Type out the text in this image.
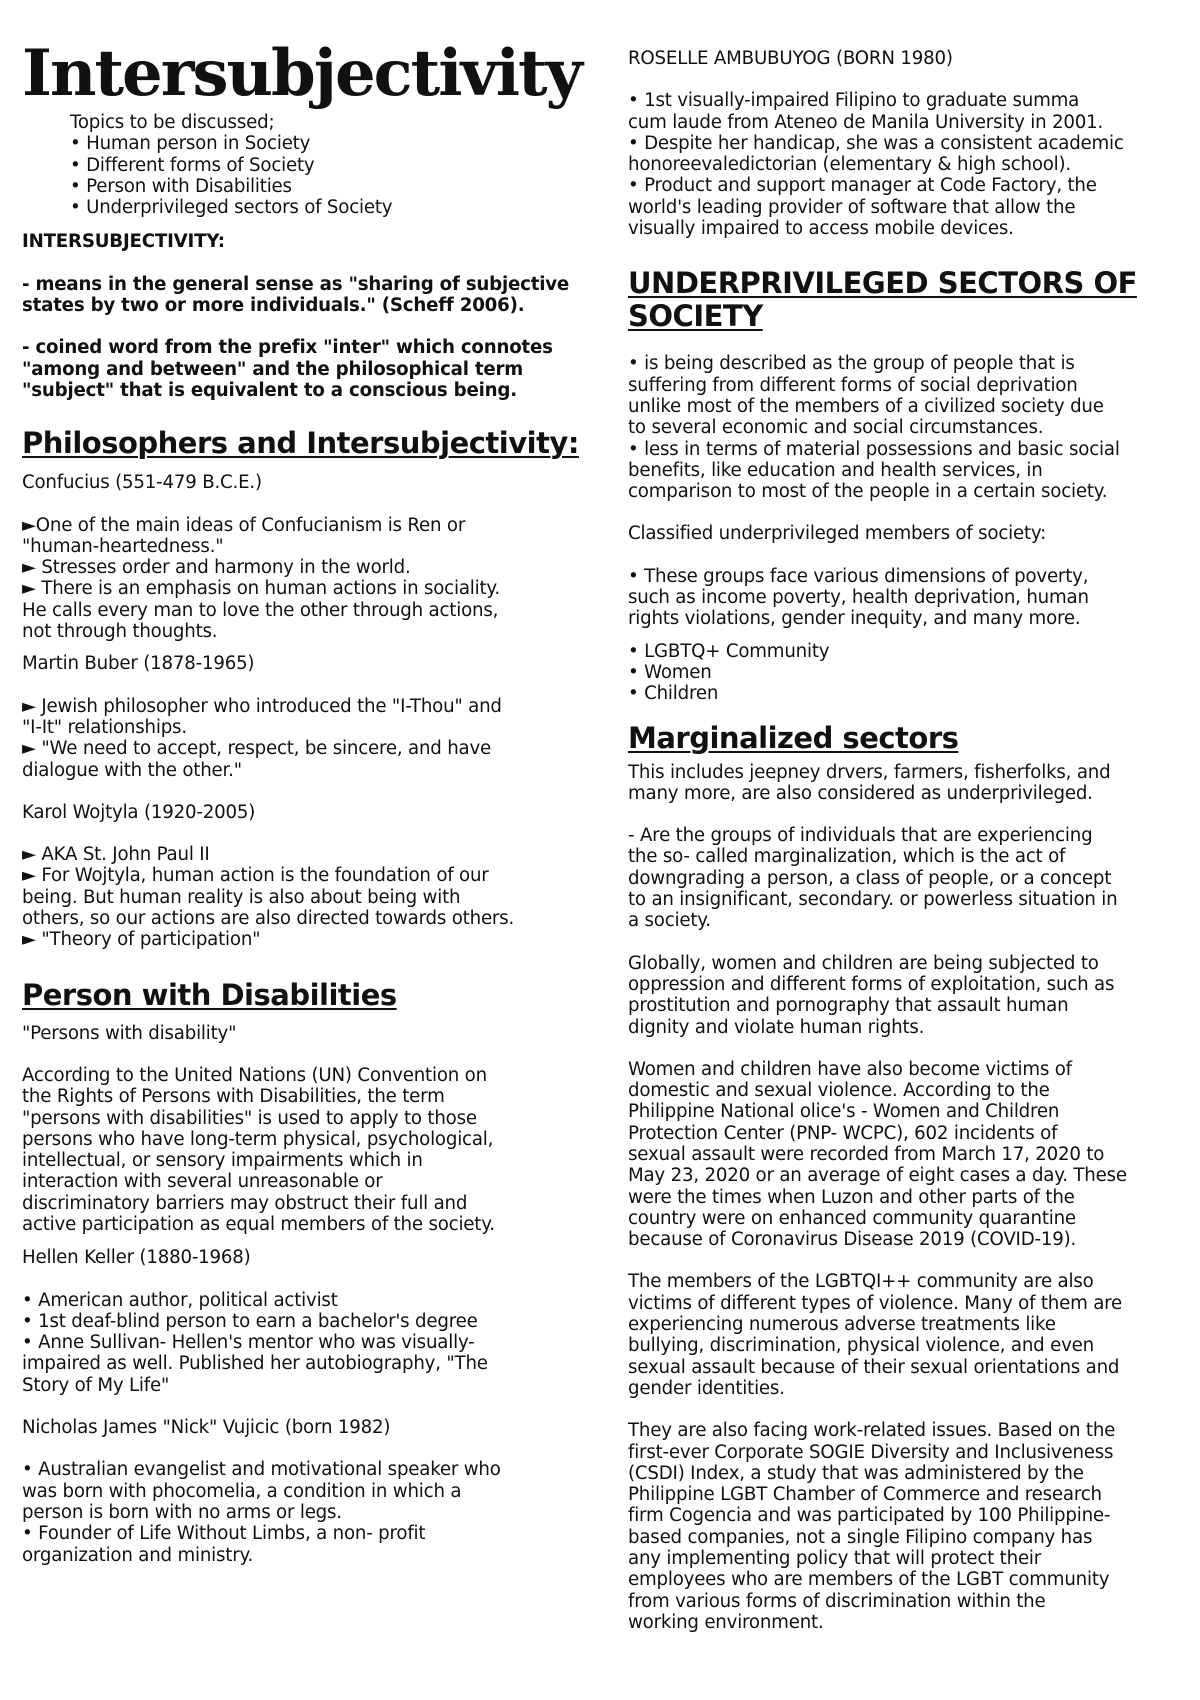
Intersubjectivity
Topics to be discussed;
• Human person in Society
• Different forms of Society
• Person with Disabilities
• Underprivileged sectors of Society
INTERSUBJECTIVITY:
- means in the general sense as "sharing of subjective
states by two or more individuals." (Scheff 2006).
- coined word from the prefix "inter" which connotes
"among and between" and the philosophical term
"subject" that is equivalent to a conscious being.
Philosophers and Intersubjectivity:
Confucius (551-479 B.C.E.)
►One of the main ideas of Confucianism is Ren or
"human-heartedness."
► Stresses order and harmony in the world.
► There is an emphasis on human actions in sociality.
He calls every man to love the other through actions,
not through thoughts.
Martin Buber (1878-1965)
► Jewish philosopher who introduced the "I-Thou" and
"I-It" relationships.
► "We need to accept, respect, be sincere, and have
dialogue with the other."
Karol Wojtyla (1920-2005)
► AKA St. John Paul II
► For Wojtyla, human action is the foundation of our
being. But human reality is also about being with
others, so our actions are also directed towards others.
► "Theory of participation"
Person with Disabilities
"Persons with disability"
According to the United Nations (UN) Convention on
the Rights of Persons with Disabilities, the term
"persons with disabilities" is used to apply to those
persons who have long-term physical, psychological,
intellectual, or sensory impairments which in
interaction with several unreasonable or
discriminatory barriers may obstruct their full and
active participation as equal members of the society.
Hellen Keller (1880-1968)
• American author, political activist
• 1st deaf-blind person to earn a bachelor's degree
• Anne Sullivan- Hellen's mentor who was visually-
impaired as well. Published her autobiography, "The
Story of My Life"
Nicholas James "Nick" Vujicic (born 1982)
• Australian evangelist and motivational speaker who
was born with phocomelia, a condition in which a
person is born with no arms or legs.
• Founder of Life Without Limbs, a non- profit
organization and ministry.
ROSELLE AMBUBUYOG (BORN 1980)
• 1st visually-impaired Filipino to graduate summa
cum laude from Ateneo de Manila University in 2001.
• Despite her handicap, she was a consistent academic
honoreevaledictorian (elementary & high school).
• Product and support manager at Code Factory, the
world's leading provider of software that allow the
visually impaired to access mobile devices.
UNDERPRIVILEGED SECTORS OF
SOCIETY
• is being described as the group of people that is
suffering from different forms of social deprivation
unlike most of the members of a civilized society due
to several economic and social circumstances.
• less in terms of material possessions and basic social
benefits, like education and health services, in
comparison to most of the people in a certain society.
Classified underprivileged members of society:
• These groups face various dimensions of poverty,
such as income poverty, health deprivation, human
rights violations, gender inequity, and many more.
• LGBTQ+ Community
• Women
• Children
Marginalized sectors
This includes jeepney drvers, farmers, fisherfolks, and
many more, are also considered as underprivileged.
- Are the groups of individuals that are experiencing
the so- called marginalization, which is the act of
downgrading a person, a class of people, or a concept
to an insignificant, secondary. or powerless situation in
a society.
Globally, women and children are being subjected to
oppression and different forms of exploitation, such as
prostitution and pornography that assault human
dignity and violate human rights.
Women and children have also become victims of
domestic and sexual violence. According to the
Philippine National olice's - Women and Children
Protection Center (PNP- WCPC), 602 incidents of
sexual assault were recorded from March 17, 2020 to
May 23, 2020 or an average of eight cases a day. These
were the times when Luzon and other parts of the
country were on enhanced community quarantine
because of Coronavirus Disease 2019 (COVID-19).
The members of the LGBTQI++ community are also
victims of different types of violence. Many of them are
experiencing numerous adverse treatments like
bullying, discrimination, physical violence, and even
sexual assault because of their sexual orientations and
gender identities.
They are also facing work-related issues. Based on the
first-ever Corporate SOGIE Diversity and Inclusiveness
(CSDI) Index, a study that was administered by the
Philippine LGBT Chamber of Commerce and research
firm Cogencia and was participated by 100 Philippine-
based companies, not a single Filipino company has
any implementing policy that will protect their
employees who are members of the LGBT community
from various forms of discrimination within the
working environment.
